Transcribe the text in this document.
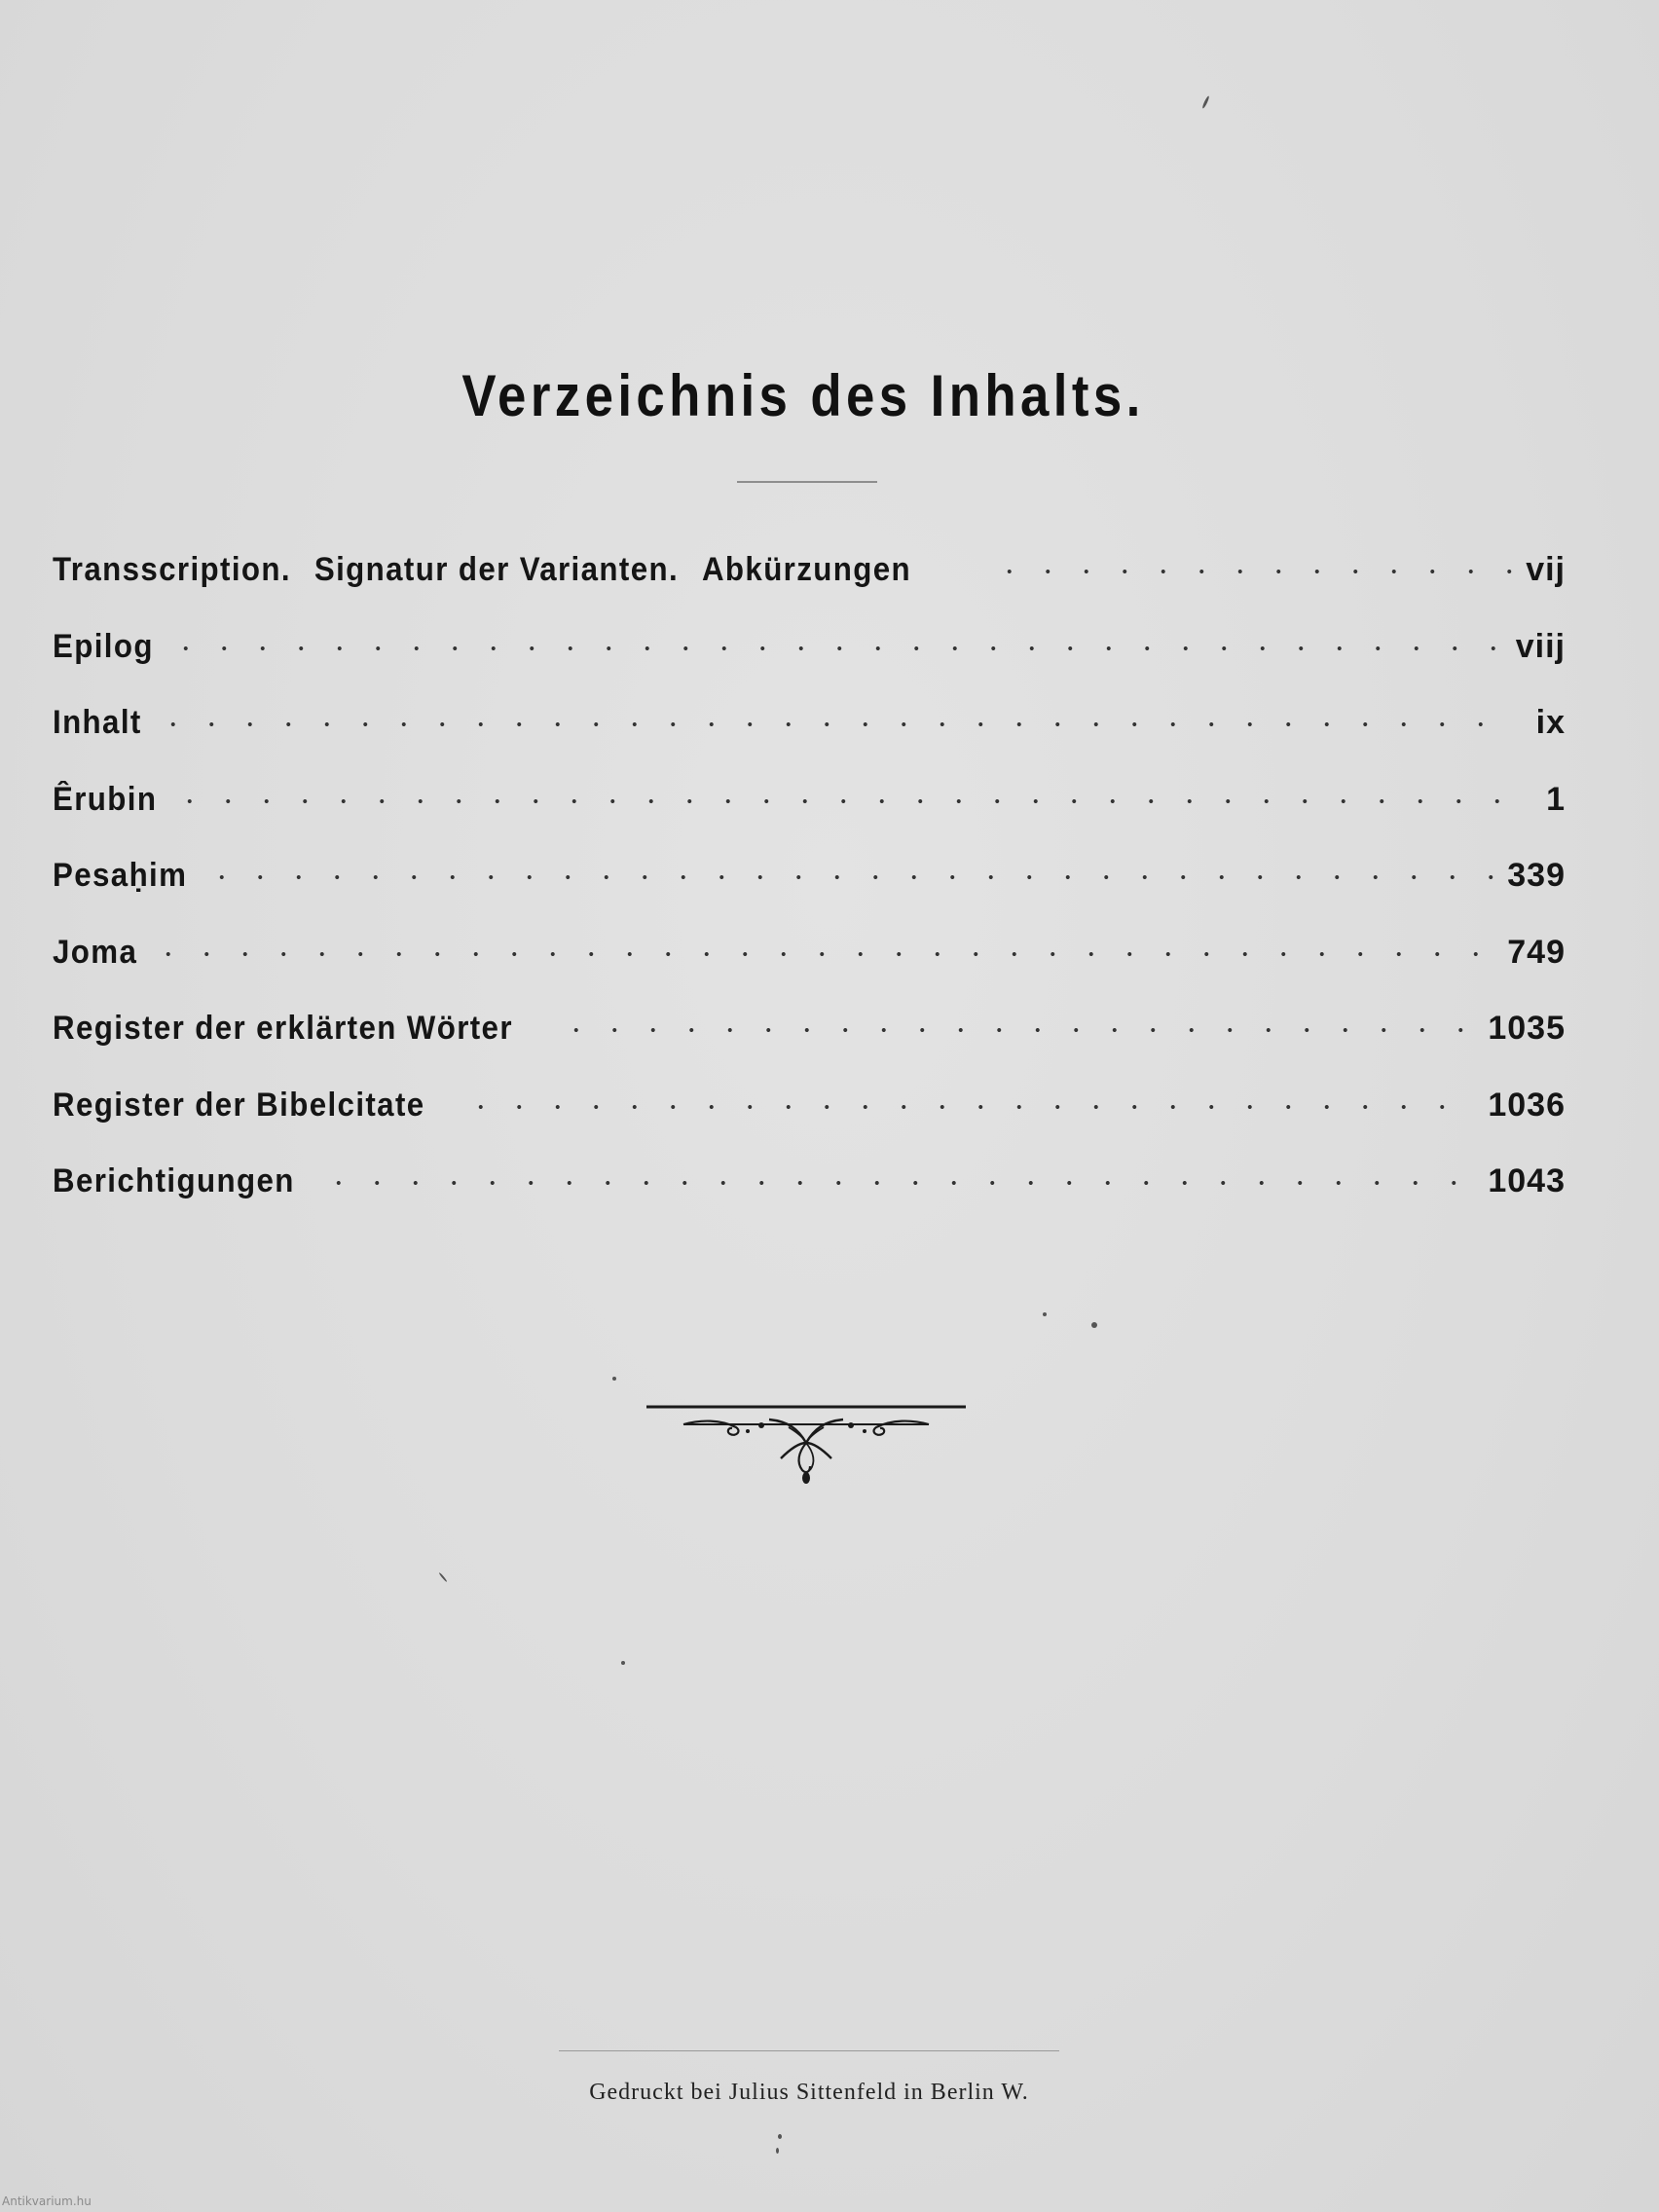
Verzeichnis des Inhalts.
Transscription. Signatur der Varianten. Abkürzungen	vij
Epilog	viij
Inhalt	ix
Êrubin	1
Pesaḥim	339
Joma	749
Register der erklärten Wörter	1035
Register der Bibelcitate	1036
Berichtigungen	1043
Gedruckt bei Julius Sittenfeld in Berlin W.
Antikvarium.hu
